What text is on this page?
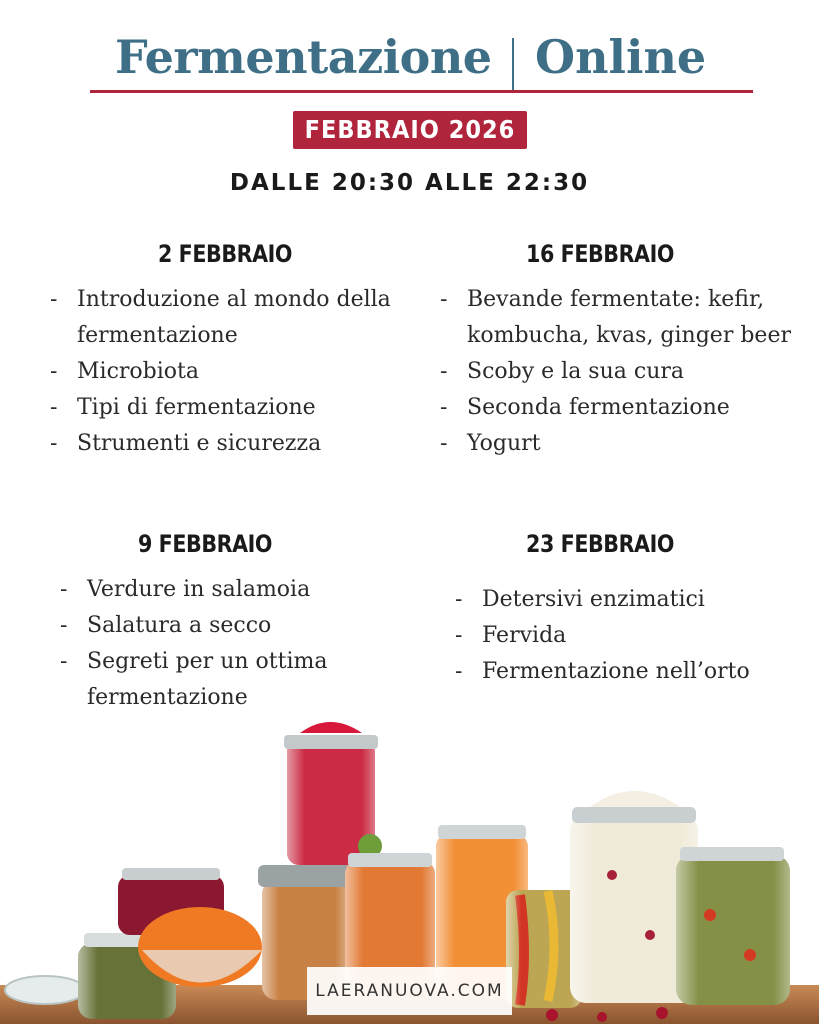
Fermentazione Online
FEBBRAIO 2026
DALLE 20:30 ALLE 22:30
2 FEBBRAIO
- Introduzione al mondo della fermentazione
- Microbiota
- Tipi di fermentazione
- Strumenti e sicurezza
16 FEBBRAIO
- Bevande fermentate: kefir, kombucha, kvas, ginger beer
- Scoby e la sua cura
- Seconda fermentazione
- Yogurt
9 FEBBRAIO
- Verdure in salamoia
- Salatura a secco
- Segreti per un ottima fermentazione
23 FEBBRAIO
- Detersivi enzimatici
- Fervida
- Fermentazione nell’orto
LAERANUOVA.COM
